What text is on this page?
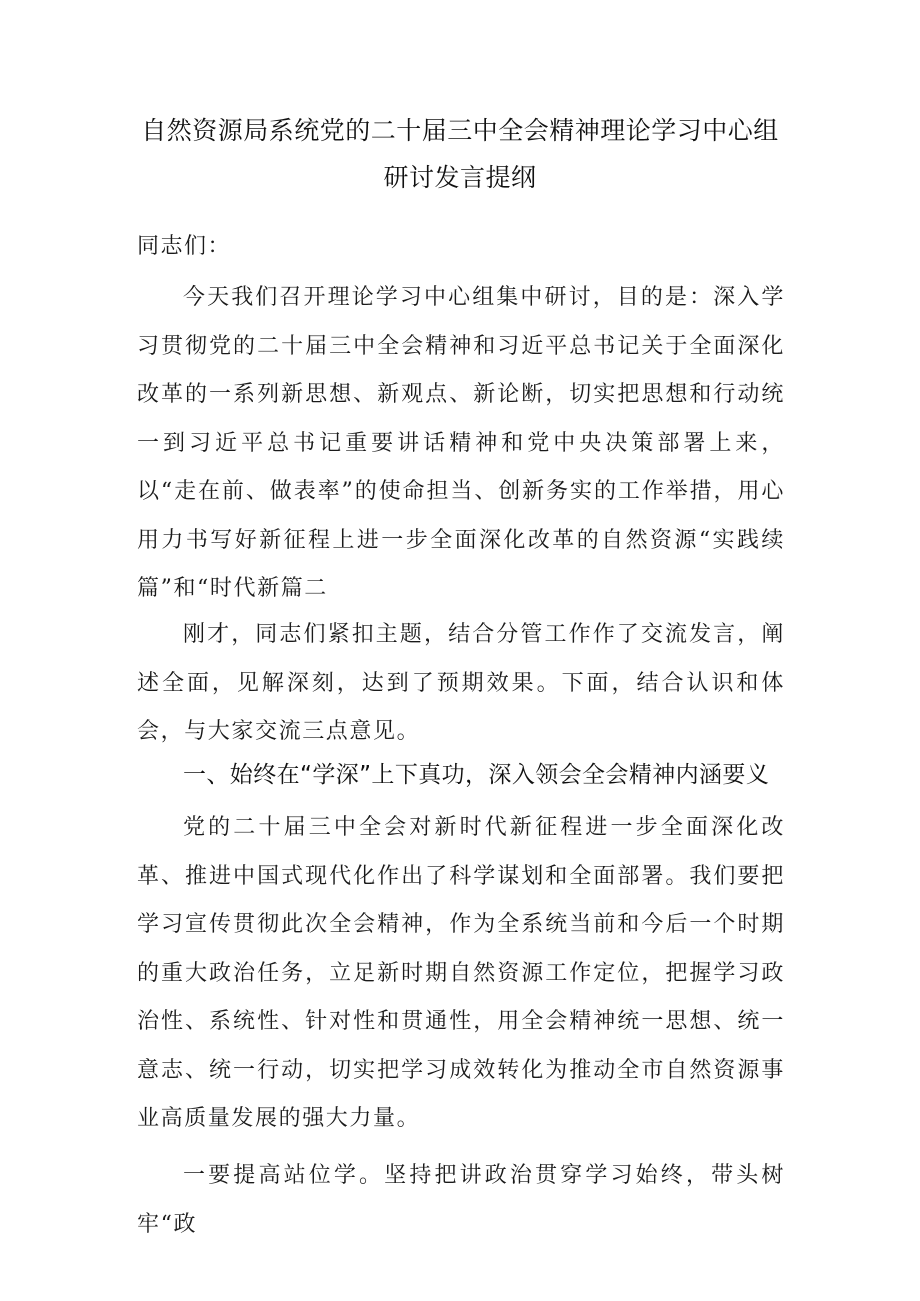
自然资源局系统党的二十届三中全会精神理论学习中心组
研讨发言提纲
同志们：

今天我们召开理论学习中心组集中研讨，目的是：深入学习贯彻党的二十届三中全会精神和习近平总书记关于全面深化改革的一系列新思想、新观点、新论断，切实把思想和行动统一到习近平总书记重要讲话精神和党中央决策部署上来，以“走在前、做表率”的使命担当、创新务实的工作举措，用心用力书写好新征程上进一步全面深化改革的自然资源“实践续篇”和“时代新篇二

刚才，同志们紧扣主题，结合分管工作作了交流发言，阐述全面，见解深刻，达到了预期效果。下面，结合认识和体会，与大家交流三点意见。

一、始终在“学深”上下真功，深入领会全会精神内涵要义

党的二十届三中全会对新时代新征程进一步全面深化改革、推进中国式现代化作出了科学谋划和全面部署。我们要把学习宣传贯彻此次全会精神，作为全系统当前和今后一个时期的重大政治任务，立足新时期自然资源工作定位，把握学习政治性、系统性、针对性和贯通性，用全会精神统一思想、统一意志、统一行动，切实把学习成效转化为推动全市自然资源事业高质量发展的强大力量。

一要提高站位学。坚持把讲政治贯穿学习始终，带头树牢“政
